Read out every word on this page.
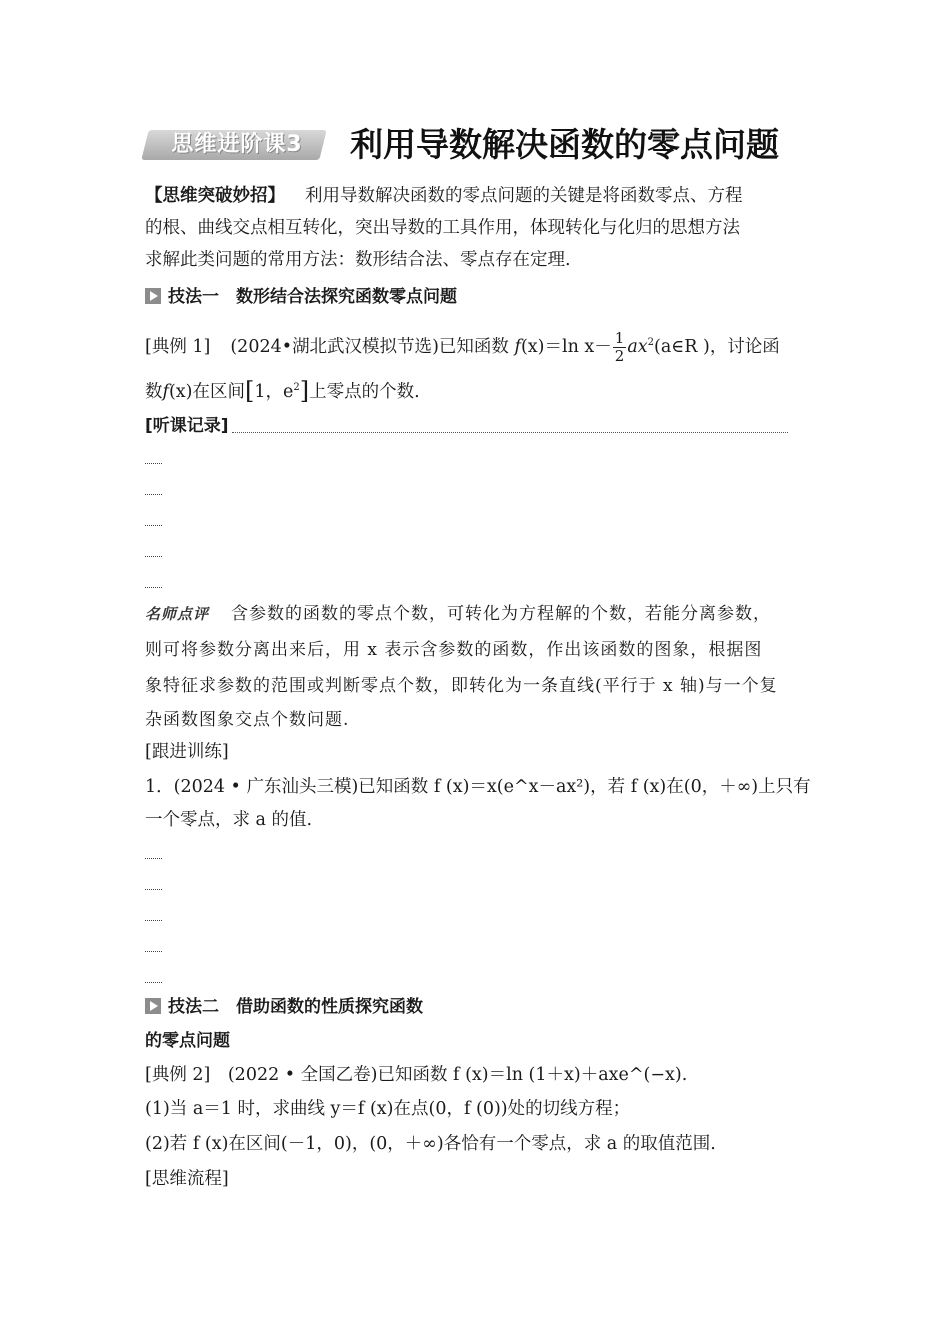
思维进阶课3	利用导数解决函数的零点问题
【思维突破妙招】 利用导数解决函数的零点问题的关键是将函数零点、方程
的根、曲线交点相互转化，突出导数的工具作用，体现转化与化归的思想方法
求解此类问题的常用方法：数形结合法、零点存在定理.
技法一　数形结合法探究函数零点问题
[典例 1] (2024•湖北武汉模拟节选)已知函数 f(x)＝ln $x- \frac{1}{2}$ $ax^2(a\in R$ )，讨论函
数f(x)在区间[1，$e^2$]上零点的个数.
[听课记录]
名师点评 含参数的函数的零点个数，可转化为方程解的个数，若能分离参数，
则可将参数分离出来后，用 x 表示含参数的函数，作出该函数的图象，根据图
象特征求参数的范围或判断零点个数，即转化为一条直线(平行于 x 轴)与一个复
杂函数图象交点个数问题.
[跟进训练]
1．(2024 • 广东汕头三模)已知函数 f (x)＝x(e^x－ax²)，若 f (x)在(0，＋∞)上只有
一个零点，求 a 的值.
技法二　借助函数的性质探究函数
的零点问题
[典例 2]　(2022 • 全国乙卷)已知函数 f (x)＝ln (1＋x)＋axe^(−x).
(1)当 a＝1 时，求曲线 y＝f (x)在点(0，f (0))处的切线方程；
(2)若 f (x)在区间(－1，0)，(0，＋∞)各恰有一个零点，求 a 的取值范围.
[思维流程]
